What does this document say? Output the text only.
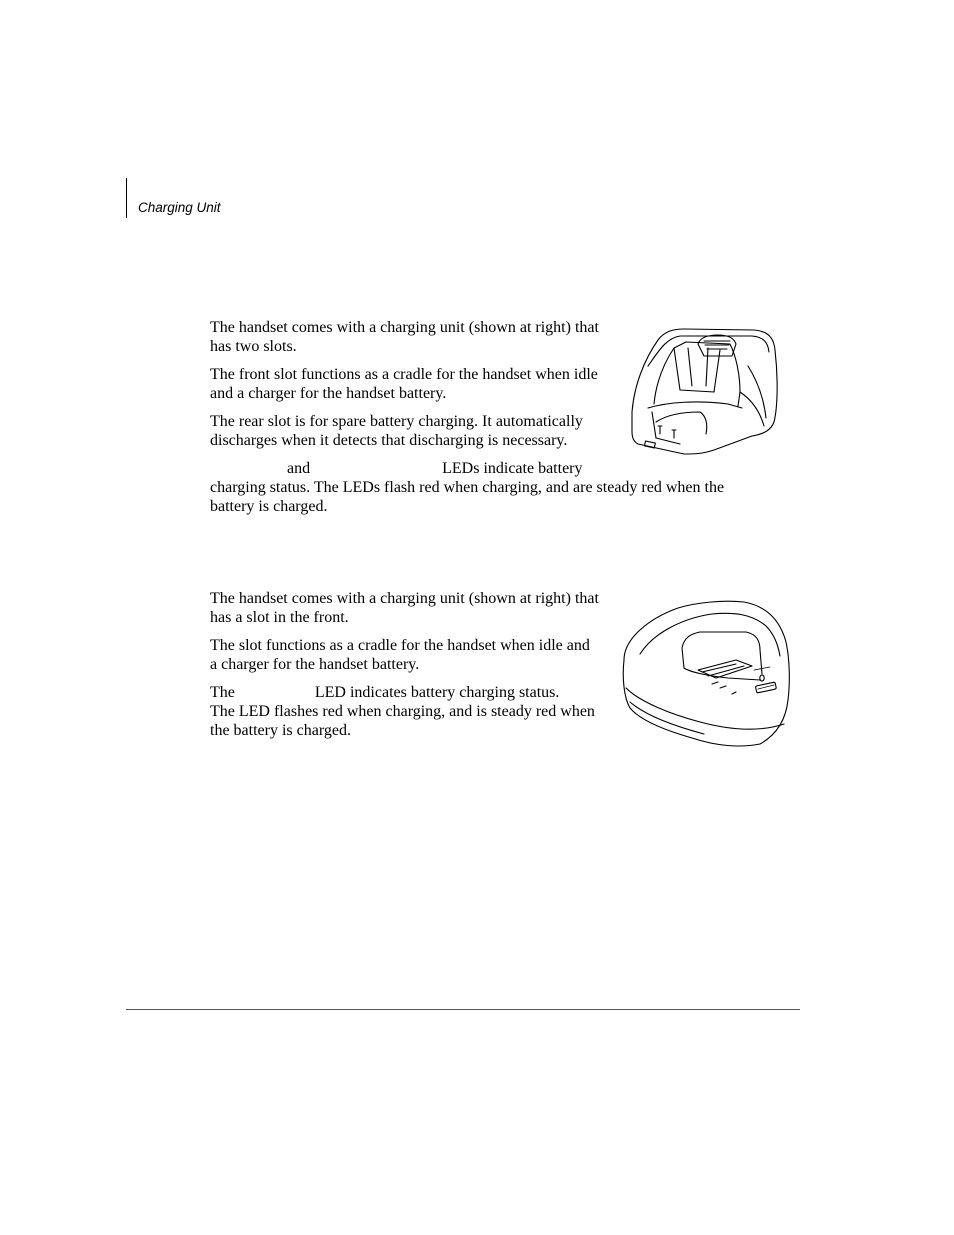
Charging Unit

The handset comes with a charging unit (shown at right) that has two slots.

The front slot functions as a cradle for the handset when idle and a charger for the handset battery.

The rear slot is for spare battery charging. It automatically discharges when it detects that discharging is necessary.

and	LEDs indicate battery
charging status. The LEDs flash red when charging, and are steady red when the battery is charged.

The handset comes with a charging unit (shown at right) that has a slot in the front.

The slot functions as a cradle for the handset when idle and a charger for the handset battery.

The	LED indicates battery charging status.
The LED flashes red when charging, and is steady red when the battery is charged.
